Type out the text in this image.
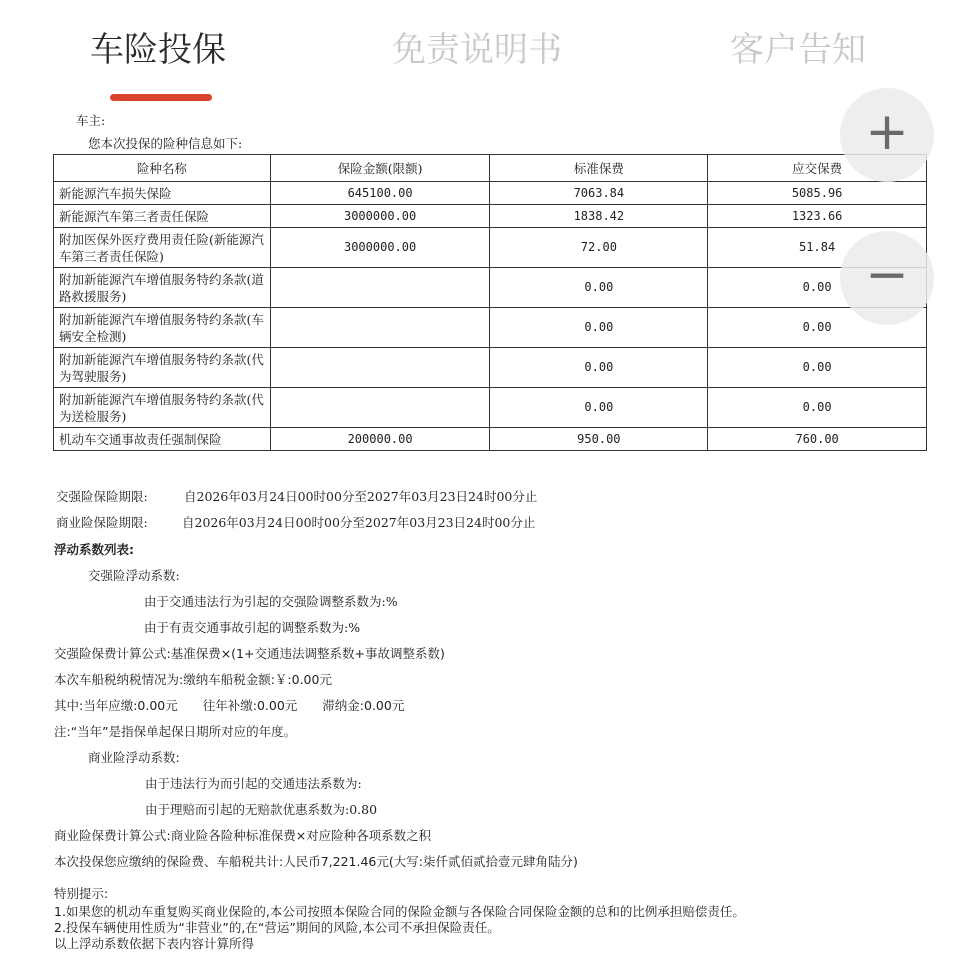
车险投保	免责说明书	客户告知
车主:
您本次投保的险种信息如下:
险种名称	保险金额(限额)	标准保费	应交保费
新能源汽车损失保险	645100.00	7063.84	5085.96
新能源汽车第三者责任保险	3000000.00	1838.42	1323.66
附加医保外医疗费用责任险(新能源汽车第三者责任保险)	3000000.00	72.00	51.84
附加新能源汽车增值服务特约条款(道路救援服务)		0.00	0.00
附加新能源汽车增值服务特约条款(车辆安全检测)		0.00	0.00
附加新能源汽车增值服务特约条款(代为驾驶服务)		0.00	0.00
附加新能源汽车增值服务特约条款(代为送检服务)		0.00	0.00
机动车交通事故责任强制保险	200000.00	950.00	760.00
交强险保险期限:	自2026年03月24日00时00分至2027年03月23日24时00分止
商业险保险期限:	自2026年03月24日00时00分至2027年03月23日24时00分止
浮动系数列表:
交强险浮动系数:
由于交通违法行为引起的交强险调整系数为:%
由于有责交通事故引起的调整系数为:%
交强险保费计算公式:基准保费×(1+交通违法调整系数+事故调整系数)
本次车船税纳税情况为:缴纳车船税金额:￥:0.00元
其中:当年应缴:0.00元　　往年补缴:0.00元　　滞纳金:0.00元
注:“当年”是指保单起保日期所对应的年度。
商业险浮动系数:
由于违法行为而引起的交通违法系数为:
由于理赔而引起的无赔款优惠系数为:0.80
商业险保费计算公式:商业险各险种标准保费×对应险种各项系数之积
本次投保您应缴纳的保险费、车船税共计:人民币7,221.46元(大写:柒仟贰佰贰拾壹元肆角陆分)
特别提示:
1.如果您的机动车重复购买商业保险的,本公司按照本保险合同的保险金额与各保险合同保险金额的总和的比例承担赔偿责任。
2.投保车辆使用性质为“非营业”的,在“营运”期间的风险,本公司不承担保险责任。
以上浮动系数依据下表内容计算所得
+
−
